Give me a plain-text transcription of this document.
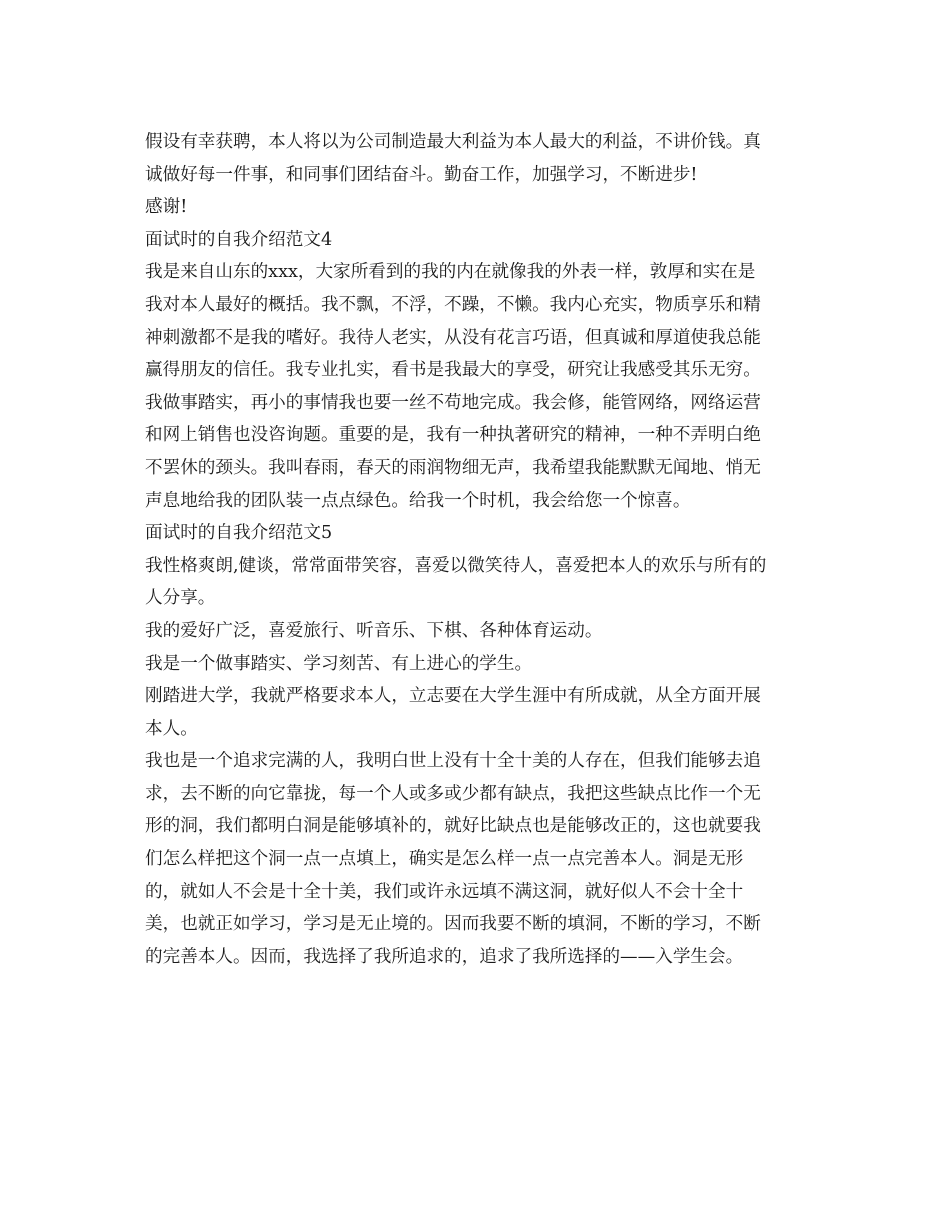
假设有幸获聘，本人将以为公司制造最大利益为本人最大的利益，不讲价钱。真
诚做好每一件事，和同事们团结奋斗。勤奋工作，加强学习，不断进步!
感谢!
面试时的自我介绍范文4
我是来自山东的xxx，大家所看到的我的内在就像我的外表一样，敦厚和实在是
我对本人最好的概括。我不飘，不浮，不躁，不懒。我内心充实，物质享乐和精
神刺激都不是我的嗜好。我待人老实，从没有花言巧语，但真诚和厚道使我总能
赢得朋友的信任。我专业扎实，看书是我最大的享受，研究让我感受其乐无穷。
我做事踏实，再小的事情我也要一丝不苟地完成。我会修，能管网络，网络运营
和网上销售也没咨询题。重要的是，我有一种执著研究的精神，一种不弄明白绝
不罢休的颈头。我叫春雨，春天的雨润物细无声，我希望我能默默无闻地、悄无
声息地给我的团队装一点点绿色。给我一个时机，我会给您一个惊喜。
面试时的自我介绍范文5
我性格爽朗,健谈，常常面带笑容，喜爱以微笑待人，喜爱把本人的欢乐与所有的
人分享。
我的爱好广泛，喜爱旅行、听音乐、下棋、各种体育运动。
我是一个做事踏实、学习刻苦、有上进心的学生。
刚踏进大学，我就严格要求本人，立志要在大学生涯中有所成就，从全方面开展
本人。
我也是一个追求完满的人，我明白世上没有十全十美的人存在，但我们能够去追
求，去不断的向它靠拢，每一个人或多或少都有缺点，我把这些缺点比作一个无
形的洞，我们都明白洞是能够填补的，就好比缺点也是能够改正的，这也就要我
们怎么样把这个洞一点一点填上，确实是怎么样一点一点完善本人。洞是无形
的，就如人不会是十全十美，我们或许永远填不满这洞，就好似人不会十全十
美，也就正如学习，学习是无止境的。因而我要不断的填洞，不断的学习，不断
的完善本人。因而，我选择了我所追求的，追求了我所选择的——入学生会。
